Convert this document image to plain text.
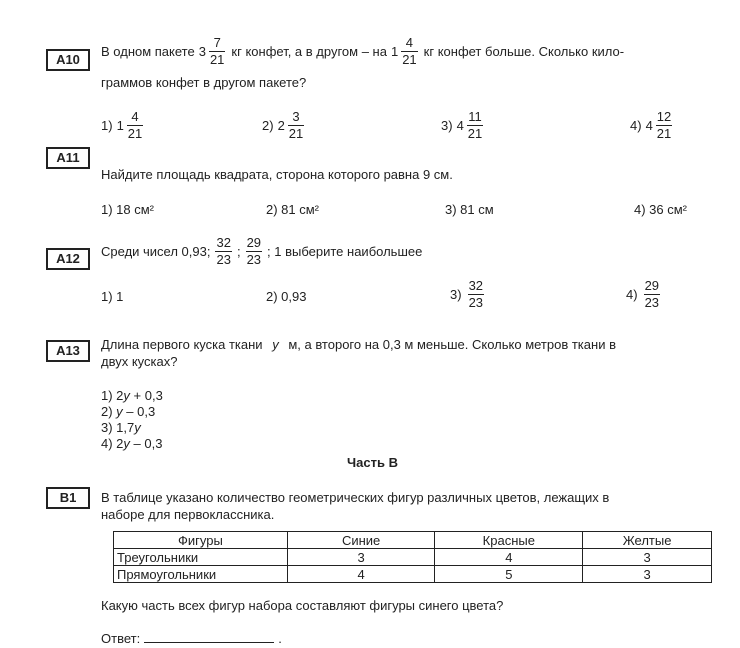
A10
В одном пакете $3 \frac{7}{21}$ кг конфет, а в другом – на $1 \frac{4}{21}$ кг конфет больше. Сколько кило-
граммов конфет в другом пакете?
1) $1 \frac{4}{21}$	2) $2 \frac{3}{21}$	3) $4 \frac{11}{21}$	4) $4 \frac{12}{21}$
A11
Найдите площадь квадрата, сторона которого равна 9 см.
1) 18 см²	2) 81 см²	3) 81 см	4) 36 см²
A12	Среди чисел 0,93; $\frac{32}{23}$ ; $\frac{29}{23}$ ; 1 выберите наибольшее
1) 1	2) 0,93	$3) \frac{32}{23}$	$4) \frac{29}{23}$
A13	Длина первого куска ткани y м, а второго на 0,3 м меньше. Сколько метров ткани в
двух кусках?
1) 2y + 0,3
2) y – 0,3
3) 1,7y
4) 2y – 0,3
Часть В
B1	В таблице указано количество геометрических фигур различных цветов, лежащих в
наборе для первоклассника.
Фигуры	Синие	Красные	Желтые
Треугольники	3	4	3
Прямоугольники	4	5	3
Какую часть всех фигур набора составляют фигуры синего цвета?
Ответ:	.
